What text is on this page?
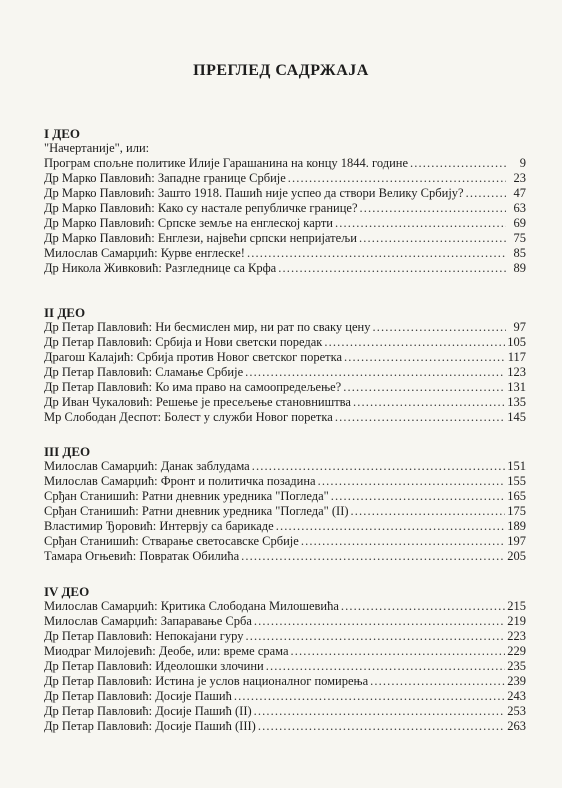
ПРЕГЛЕД САДРЖАЈА
I ДЕО
"Начертаније", или:
Програм спољне политике Илије Гарашанина на концу 1844. године . . .	9
Др Марко Павловић: Западне границе Србије . . .	23
Др Марко Павловић: Зашто 1918. Пашић није успео да створи Велику Србију? . . .	47
Др Марко Павловић: Како су настале републичке границе? . . .	63
Др Марко Павловић: Српске земље на енглеској карти . . .	69
Др Марко Павловић: Енглези, највећи српски непријатељи . . .	75
Милослав Самарџић: Курве енглеске! . . .	85
Др Никола Живковић: Разгледнице са Крфа . . .	89
II ДЕО
Др Петар Павловић: Ни бесмислен мир, ни рат по сваку цену . . .	97
Др Петар Павловић: Србија и Нови светски поредак . . .	105
Драгош Калајић: Србија против Новог светског поретка . . .	117
Др Петар Павловић: Сламање Србије . . .	123
Др Петар Павловић: Ко има право на самоопредељење? . . .	131
Др Иван Чукаловић: Решење је пресељење становништва . . .	135
Мр Слободан Деспот: Болест у служби Новог поретка . . .	145
III ДЕО
Милослав Самарџић: Данак заблудама . . .	151
Милослав Самарџић: Фронт и политичка позадина . . .	155
Срђан Станишић: Ратни дневник уредника "Погледа" . . .	165
Срђан Станишић: Ратни дневник уредника "Погледа" (II) . . .	175
Властимир Ђоровић: Интервју са барикаде . . .	189
Срђан Станишић: Стварање светосавске Србије . . .	197
Тамара Огњевић: Повратак Обилића . . .	205
IV ДЕО
Милослав Самарџић: Критика Слободана Милошевића . . .	215
Милослав Самарџић: Запаравање Срба . . .	219
Др Петар Павловић: Непокајани гуру . . .	223
Миодраг Милојевић: Деобе, или: време срама . . .	229
Др Петар Павловић: Идеолошки злочини . . .	235
Др Петар Павловић: Истина је услов националног помирења . . .	239
Др Петар Павловић: Досије Пашић . . .	243
Др Петар Павловић: Досије Пашић (II) . . .	253
Др Петар Павловић: Досије Пашић (III) . . .	263
